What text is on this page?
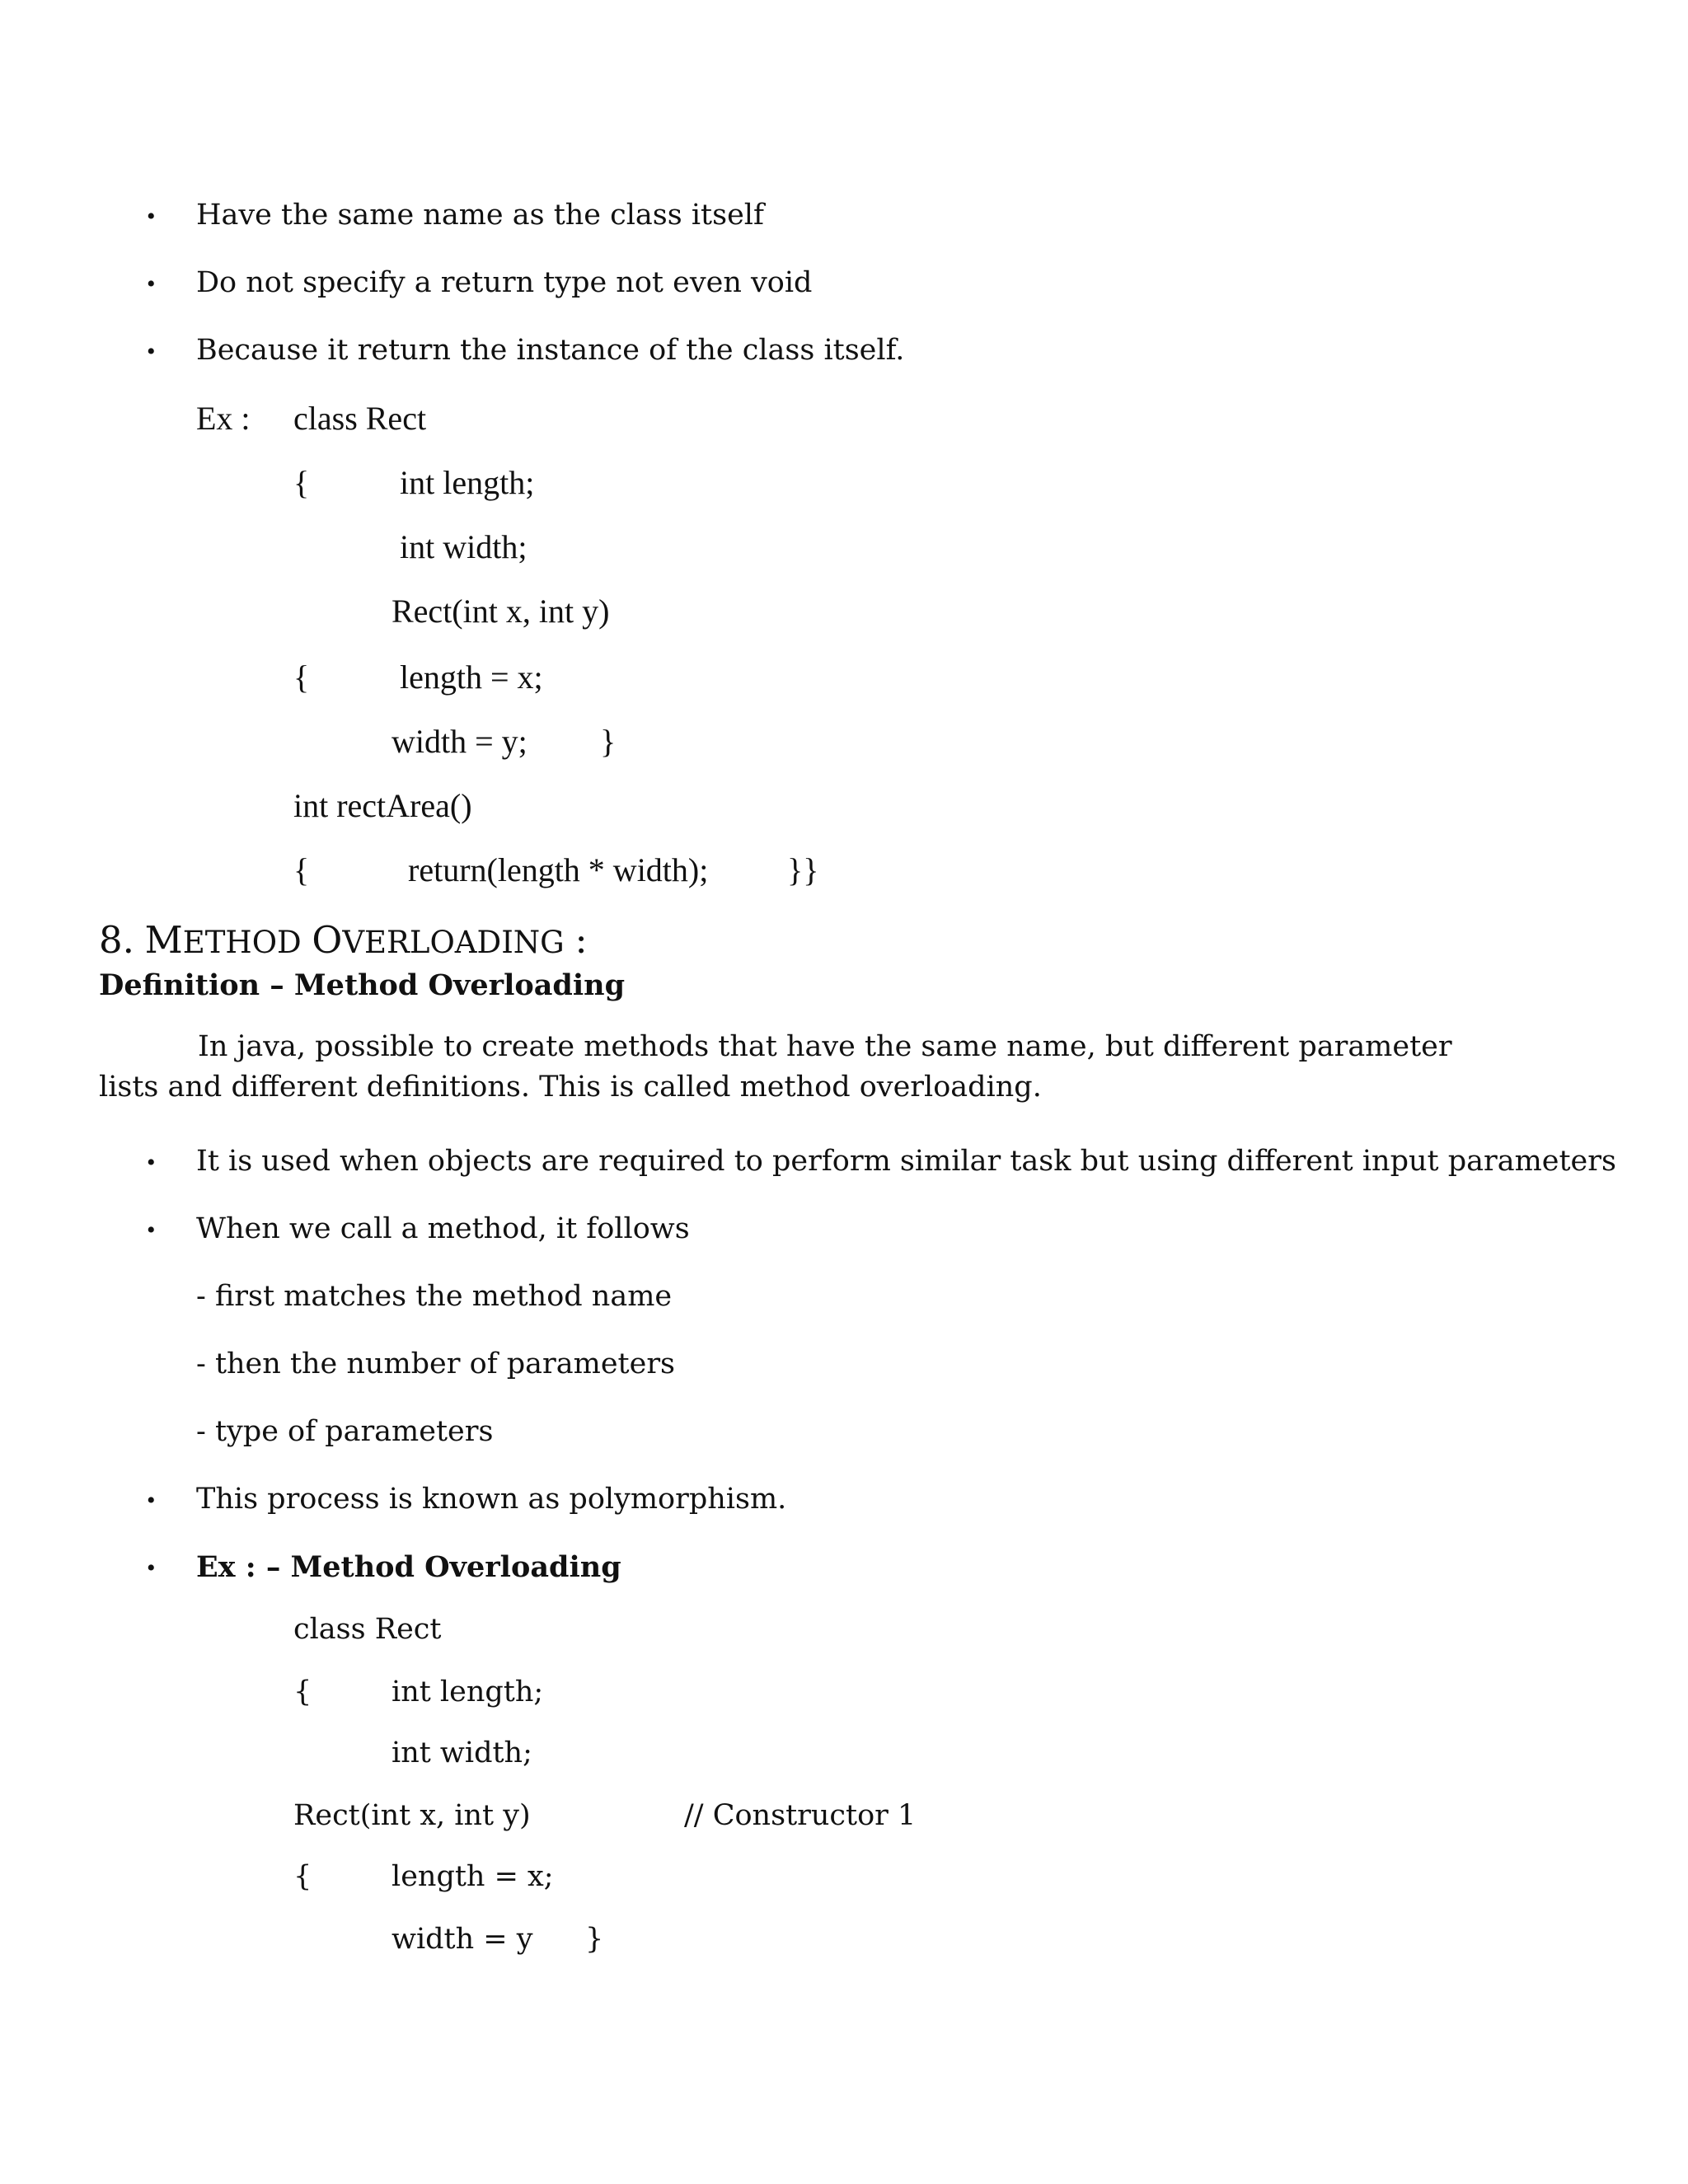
• Have the same name as the class itself
• Do not specify a return type not even void
• Because it return the instance of the class itself.
Ex : class Rect
{	int length;
int width;
Rect(int x, int y)
{	length = x;
width = y; }
int rectArea()
{	return(length * width); }}
8. METHOD OVERLOADING :
Definition – Method Overloading

In java, possible to create methods that have the same name, but different parameter lists and different definitions. This is called method overloading.

• It is used when objects are required to perform similar task but using different input parameters
• When we call a method, it follows
- first matches the method name
- then the number of parameters
- type of parameters
• This process is known as polymorphism.
• Ex : – Method Overloading
class Rect
{	int length;
int width;
Rect(int x, int y)	// Constructor 1
{	length = x;
width = y }
